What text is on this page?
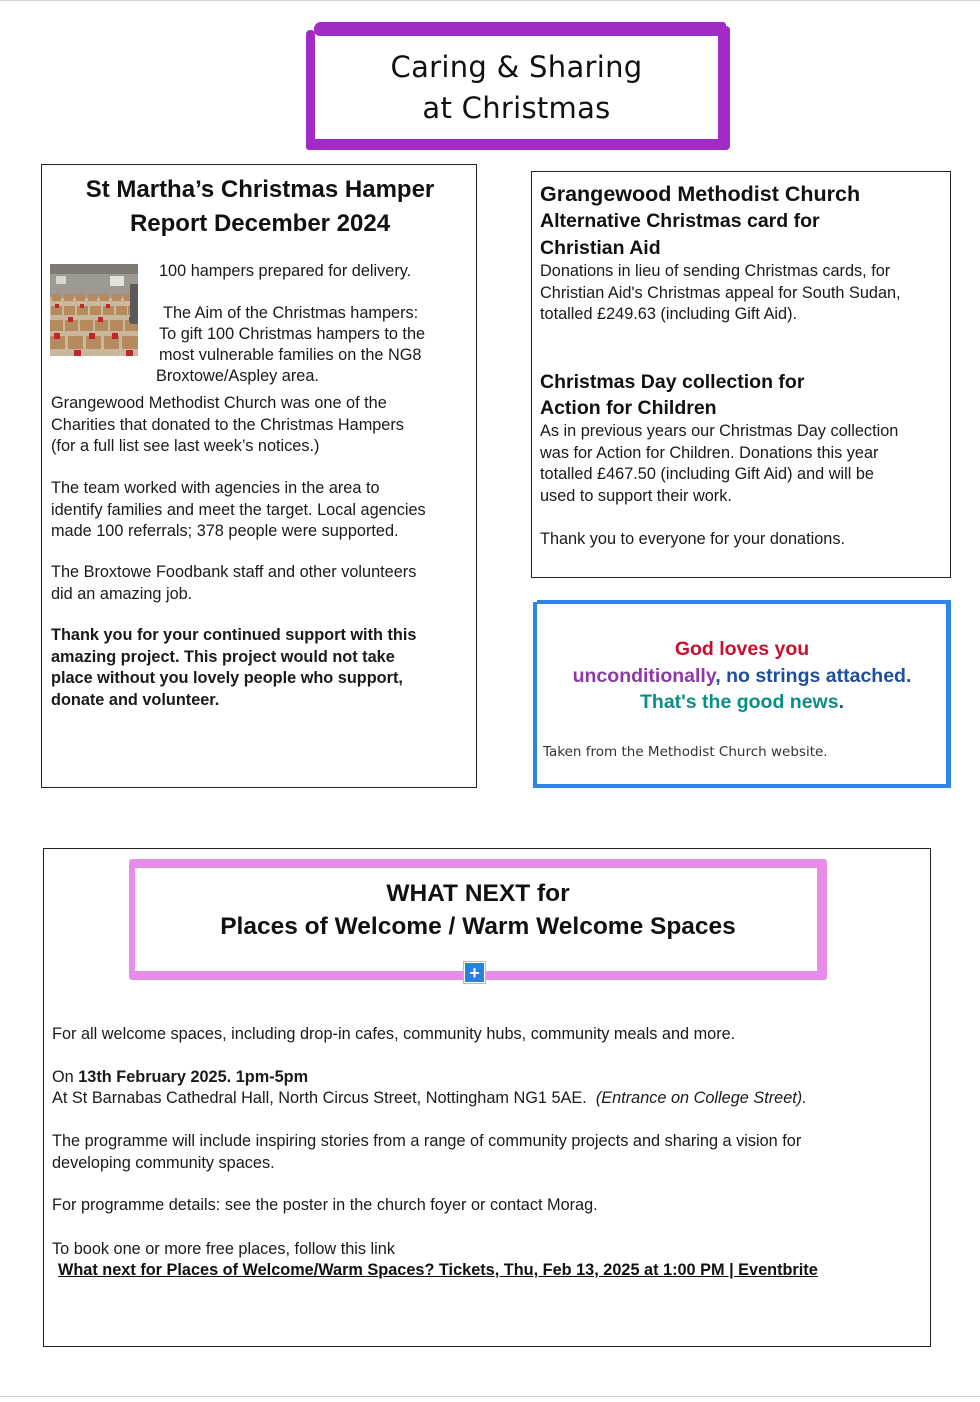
Caring & Sharing
at Christmas
St Martha’s Christmas Hamper
Report December 2024
100 hampers prepared for delivery.
The Aim of the Christmas hampers:
To gift 100 Christmas hampers to the
most vulnerable families on the NG8
Broxtowe/Aspley area.
Grangewood Methodist Church was one of the
Charities that donated to the Christmas Hampers
(for a full list see last week’s notices.)
The team worked with agencies in the area to
identify families and meet the target. Local agencies
made 100 referrals; 378 people were supported.
The Broxtowe Foodbank staff and other volunteers
did an amazing job.
Thank you for your continued support with this
amazing project. This project would not take
place without you lovely people who support,
donate and volunteer.
Grangewood Methodist Church
Alternative Christmas card for
Christian Aid
Donations in lieu of sending Christmas cards, for
Christian Aid's Christmas appeal for South Sudan,
totalled £249.63 (including Gift Aid).
Christmas Day collection for
Action for Children
As in previous years our Christmas Day collection
was for Action for Children. Donations this year
totalled £467.50 (including Gift Aid) and will be
used to support their work.
Thank you to everyone for your donations.
God loves you
unconditionally, no strings attached.
That's the good news.
Taken from the Methodist Church website.
WHAT NEXT for
Places of Welcome / Warm Welcome Spaces
+
For all welcome spaces, including drop-in cafes, community hubs, community meals and more.
On 13th February 2025. 1pm-5pm
At St Barnabas Cathedral Hall, North Circus Street, Nottingham NG1 5AE. (Entrance on College Street).
The programme will include inspiring stories from a range of community projects and sharing a vision for
developing community spaces.
For programme details: see the poster in the church foyer or contact Morag.
To book one or more free places, follow this link
What next for Places of Welcome/Warm Spaces? Tickets, Thu, Feb 13, 2025 at 1:00 PM | Eventbrite
